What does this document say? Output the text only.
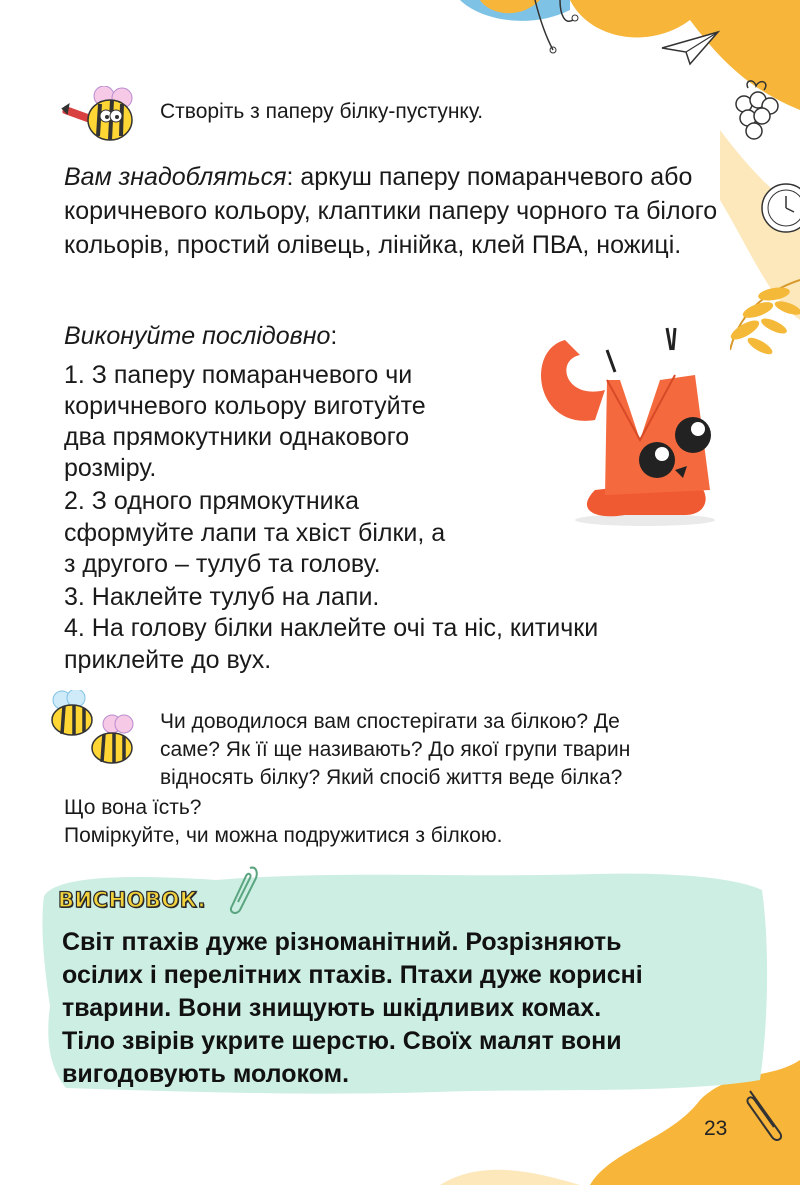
Створіть з паперу білку-пустунку.
Вам знадобляться: аркуш паперу помаранчевого або коричневого кольору, клаптики паперу чорного та білого кольорів, простий олівець, лінійка, клей ПВА, ножиці.
Виконуйте послідовно:
1. З паперу помаранчевого чи
коричневого кольору виготуйте
два прямокутники однакового
розміру.
2. З одного прямокутника
сформуйте лапи та хвіст білки, а
з другого – тулуб та голову.
3. Наклейте тулуб на лапи.
4. На голову білки наклейте очі та ніс, китички
приклейте до вух.
Чи доводилося вам спостерігати за білкою? Де
саме? Як її ще називають? До якої групи тварин
відносять білку? Який спосіб життя веде білка?
Що вона їсть?
Поміркуйте, чи можна подружитися з білкою.
ВИСНОВОК.
Світ птахів дуже різноманітний. Розрізняють
осілих і перелітних птахів. Птахи дуже корисні
тварини. Вони знищують шкідливих комах.
Тіло звірів укрите шерстю. Своїх малят вони
вигодовують молоком.
23
